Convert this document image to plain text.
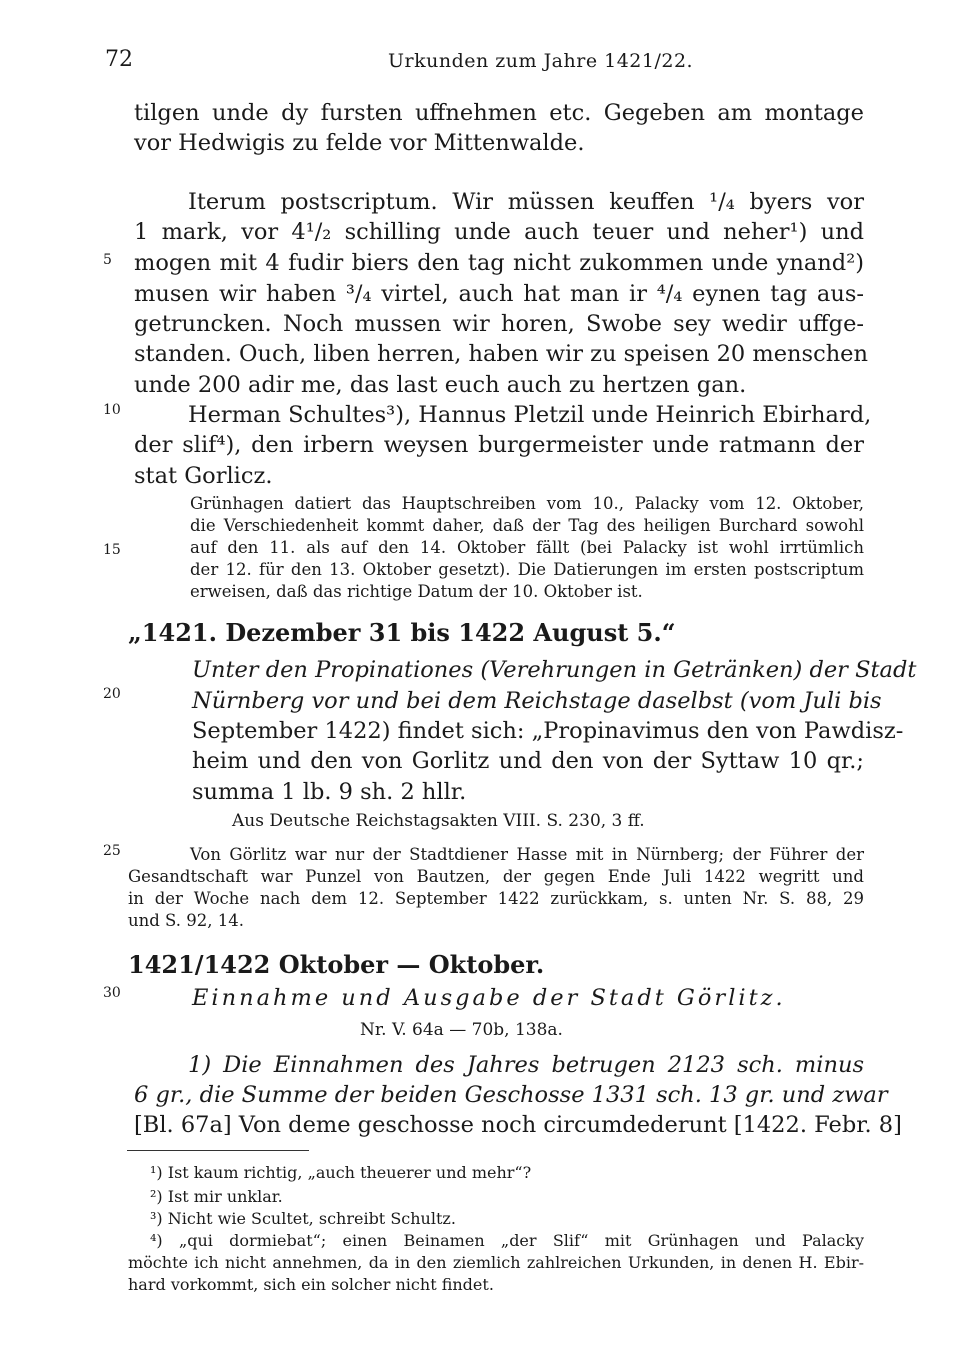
72	Urkunden zum Jahre 1421/22.
5
10
15
20
25
30
tilgen unde dy fursten uffnehmen etc. Gegeben am montage
vor Hedwigis zu felde vor Mittenwalde.
Iterum postscriptum. Wir müssen keuffen ¹/₄ byers vor
1 mark, vor 4¹/₂ schilling unde auch teuer und neher¹) und
mogen mit 4 fudir biers den tag nicht zukommen unde ynand²)
musen wir haben ³/₄ virtel, auch hat man ir ⁴/₄ eynen tag aus-
getruncken. Noch mussen wir horen, Swobe sey wedir uffge-
standen. Ouch, liben herren, haben wir zu speisen 20 menschen
unde 200 adir me, das last euch auch zu hertzen gan.
Herman Schultes³), Hannus Pletzil unde Heinrich Ebirhard,
der slif⁴), den irbern weysen burgermeister unde ratmann der
stat Gorlicz.
Grünhagen datiert das Hauptschreiben vom 10., Palacky vom 12. Oktober,
die Verschiedenheit kommt daher, daß der Tag des heiligen Burchard sowohl
auf den 11. als auf den 14. Oktober fällt (bei Palacky ist wohl irrtümlich
der 12. für den 13. Oktober gesetzt). Die Datierungen im ersten postscriptum
erweisen, daß das richtige Datum der 10. Oktober ist.
„1421. Dezember 31 bis 1422 August 5.“
Unter den Propinationes (Verehrungen in Getränken) der Stadt
Nürnberg vor und bei dem Reichstage daselbst (vom Juli bis
September 1422) findet sich: „Propinavimus den von Pawdisz-
heim und den von Gorlitz und den von der Syttaw 10 qr.;
summa 1 lb. 9 sh. 2 hllr.
Aus Deutsche Reichstagsakten VIII. S. 230, 3 ff.
Von Görlitz war nur der Stadtdiener Hasse mit in Nürnberg; der Führer der
Gesandtschaft war Punzel von Bautzen, der gegen Ende Juli 1422 wegritt und
in der Woche nach dem 12. September 1422 zurückkam, s. unten Nr. S. 88, 29
und S. 92, 14.
1421/1422 Oktober — Oktober.
Einnahme und Ausgabe der Stadt Görlitz.
Nr. V. 64a — 70b, 138a.
1) Die Einnahmen des Jahres betrugen 2123 sch. minus
6 gr., die Summe der beiden Geschosse 1331 sch. 13 gr. und zwar
[Bl. 67a] Von deme geschosse noch circumdederunt [1422. Febr. 8]
¹) Ist kaum richtig, „auch theuerer und mehr“?
²) Ist mir unklar.
³) Nicht wie Scultet, schreibt Schultz.
⁴) „qui dormiebat“; einen Beinamen „der Slif“ mit Grünhagen und Palacky
möchte ich nicht annehmen, da in den ziemlich zahlreichen Urkunden, in denen H. Ebir-
hard vorkommt, sich ein solcher nicht findet.
